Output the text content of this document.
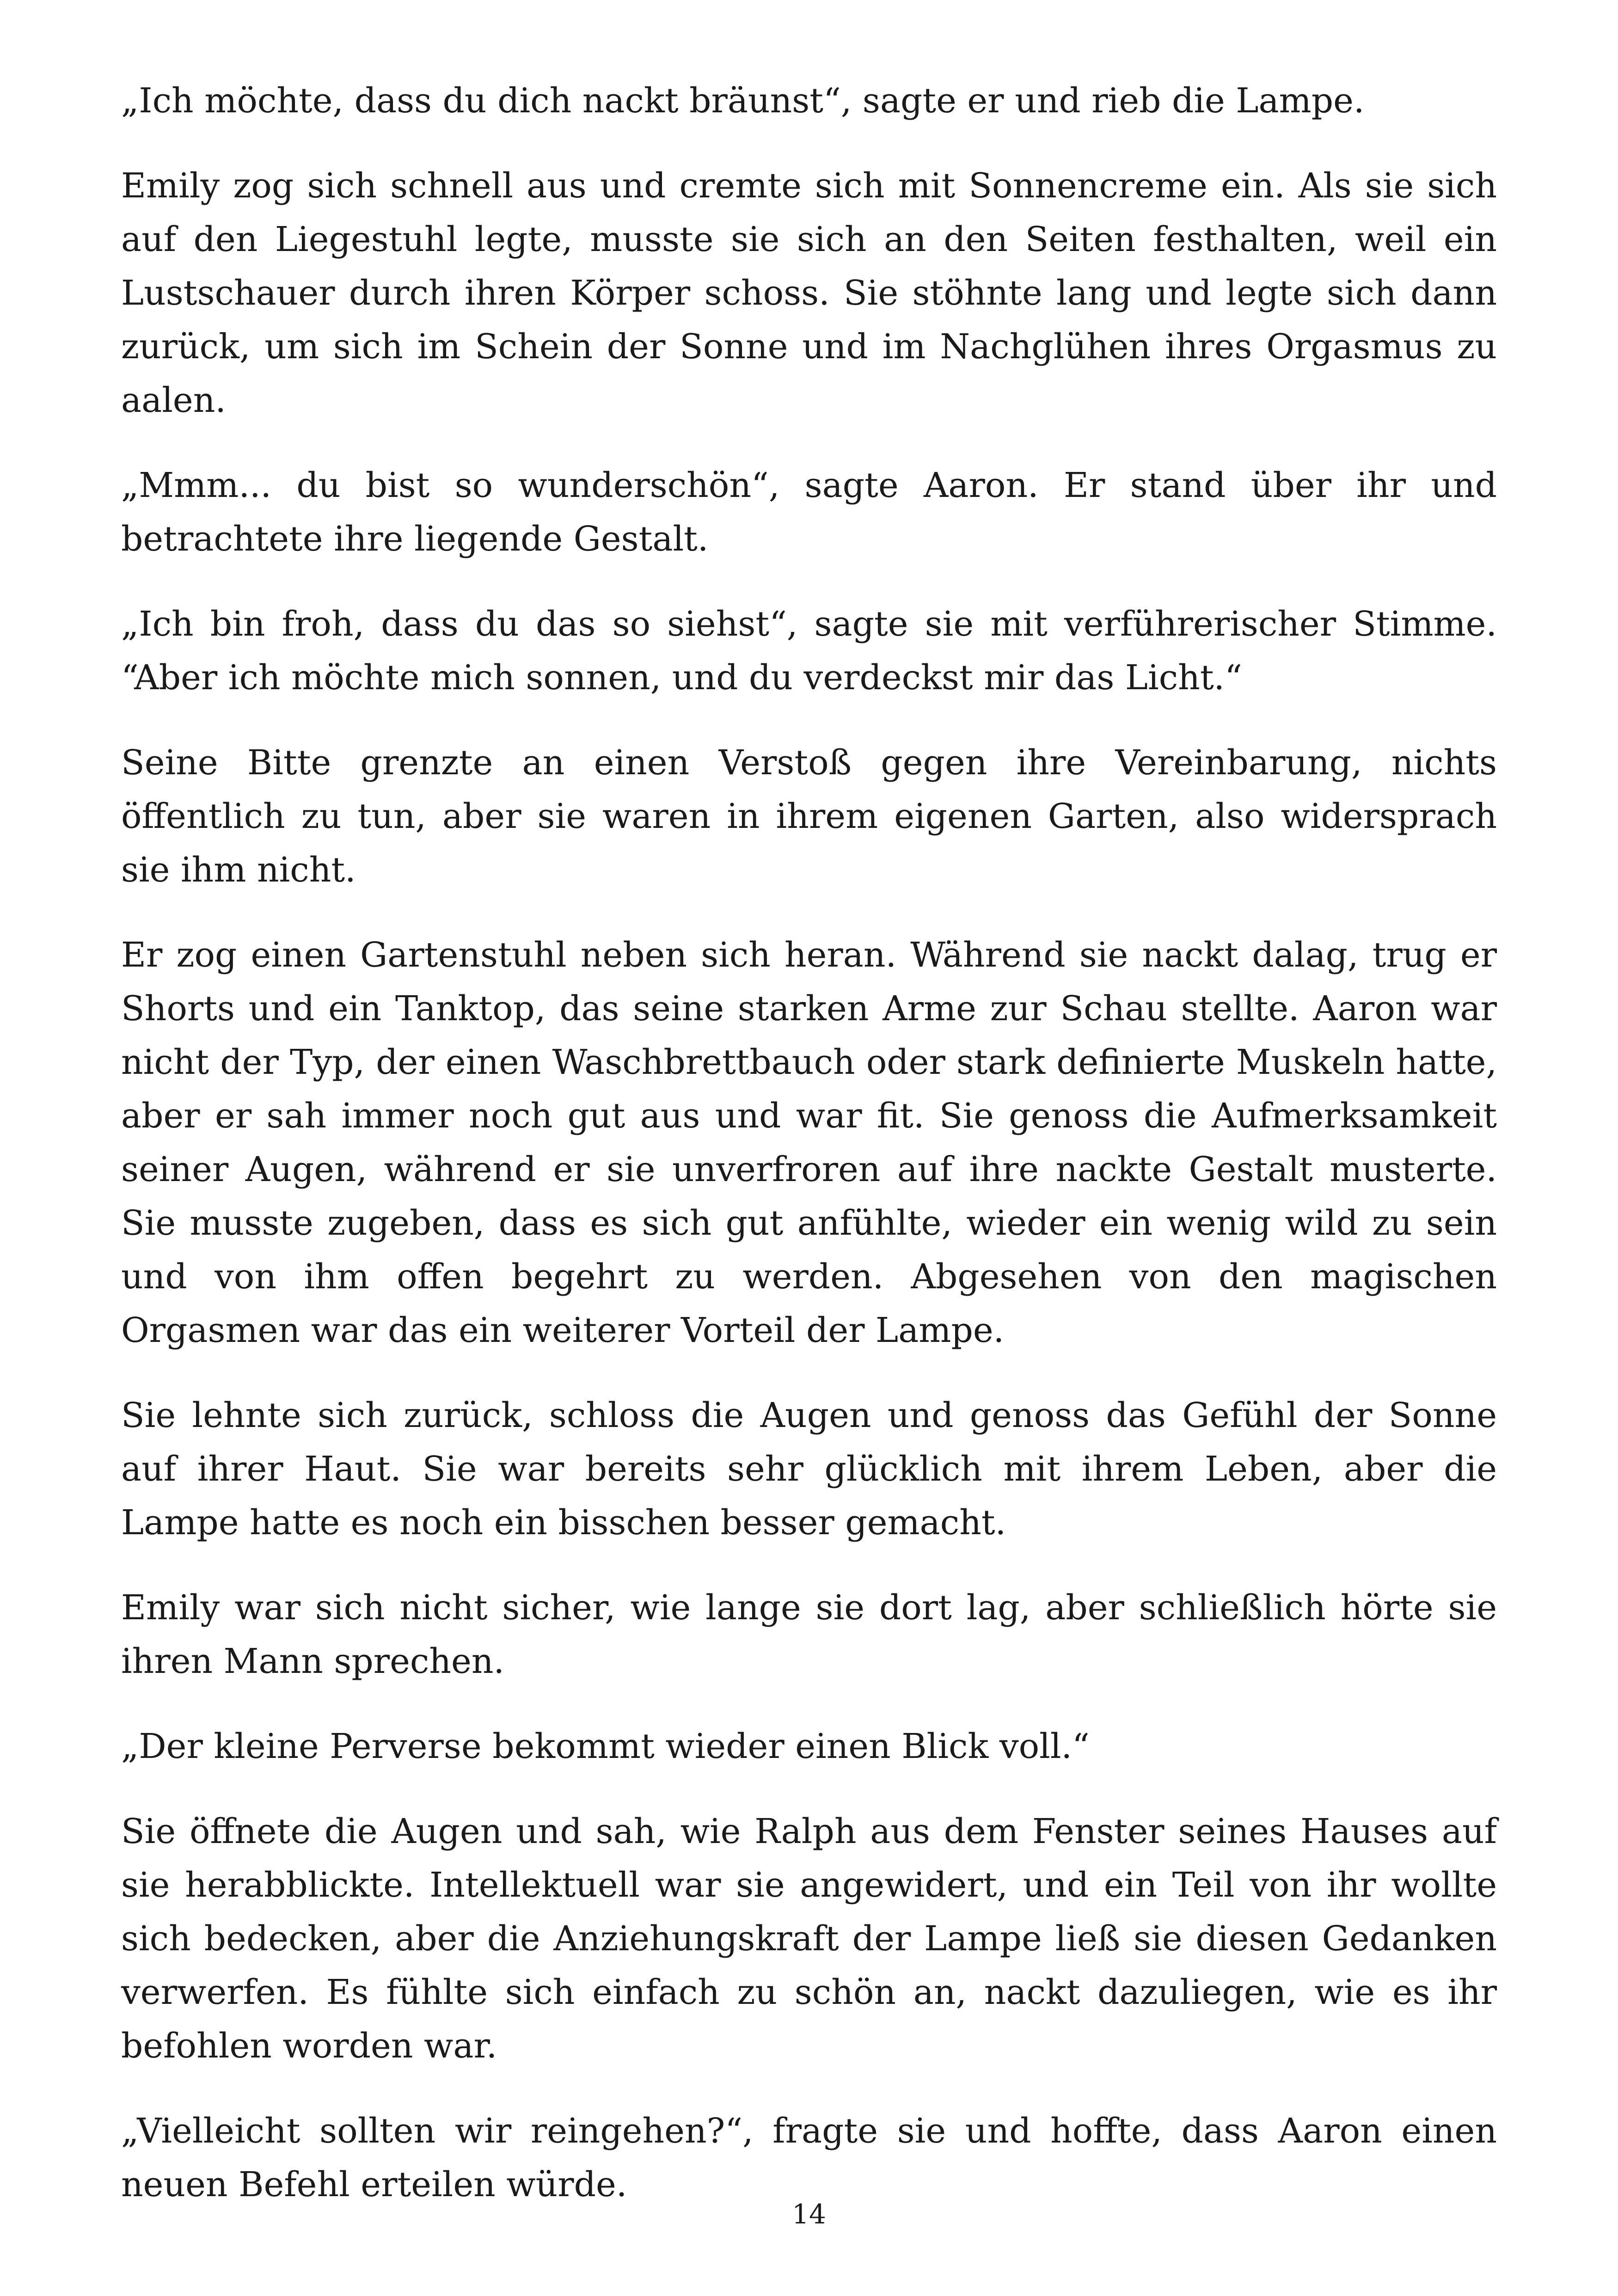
„Ich möchte, dass du dich nackt bräunst“, sagte er und rieb die Lampe.

Emily zog sich schnell aus und cremte sich mit Sonnencreme ein. Als sie sich auf den Liegestuhl legte, musste sie sich an den Seiten festhalten, weil ein Lustschauer durch ihren Körper schoss. Sie stöhnte lang und legte sich dann zurück, um sich im Schein der Sonne und im Nachglühen ihres Orgasmus zu aalen.

„Mmm... du bist so wunderschön“, sagte Aaron. Er stand über ihr und betrachtete ihre liegende Gestalt.

„Ich bin froh, dass du das so siehst“, sagte sie mit verführerischer Stimme. “Aber ich möchte mich sonnen, und du verdeckst mir das Licht.“

Seine Bitte grenzte an einen Verstoß gegen ihre Vereinbarung, nichts öffentlich zu tun, aber sie waren in ihrem eigenen Garten, also widersprach sie ihm nicht.

Er zog einen Gartenstuhl neben sich heran. Während sie nackt dalag, trug er Shorts und ein Tanktop, das seine starken Arme zur Schau stellte. Aaron war nicht der Typ, der einen Waschbrettbauch oder stark definierte Muskeln hatte, aber er sah immer noch gut aus und war fit. Sie genoss die Aufmerksamkeit seiner Augen, während er sie unverfroren auf ihre nackte Gestalt musterte. Sie musste zugeben, dass es sich gut anfühlte, wieder ein wenig wild zu sein und von ihm offen begehrt zu werden. Abgesehen von den magischen Orgasmen war das ein weiterer Vorteil der Lampe.

Sie lehnte sich zurück, schloss die Augen und genoss das Gefühl der Sonne auf ihrer Haut. Sie war bereits sehr glücklich mit ihrem Leben, aber die Lampe hatte es noch ein bisschen besser gemacht.

Emily war sich nicht sicher, wie lange sie dort lag, aber schließlich hörte sie ihren Mann sprechen.

„Der kleine Perverse bekommt wieder einen Blick voll.“

Sie öffnete die Augen und sah, wie Ralph aus dem Fenster seines Hauses auf sie herabblickte. Intellektuell war sie angewidert, und ein Teil von ihr wollte sich bedecken, aber die Anziehungskraft der Lampe ließ sie diesen Gedanken verwerfen. Es fühlte sich einfach zu schön an, nackt dazuliegen, wie es ihr befohlen worden war.

„Vielleicht sollten wir reingehen?“, fragte sie und hoffte, dass Aaron einen neuen Befehl erteilen würde.

14
